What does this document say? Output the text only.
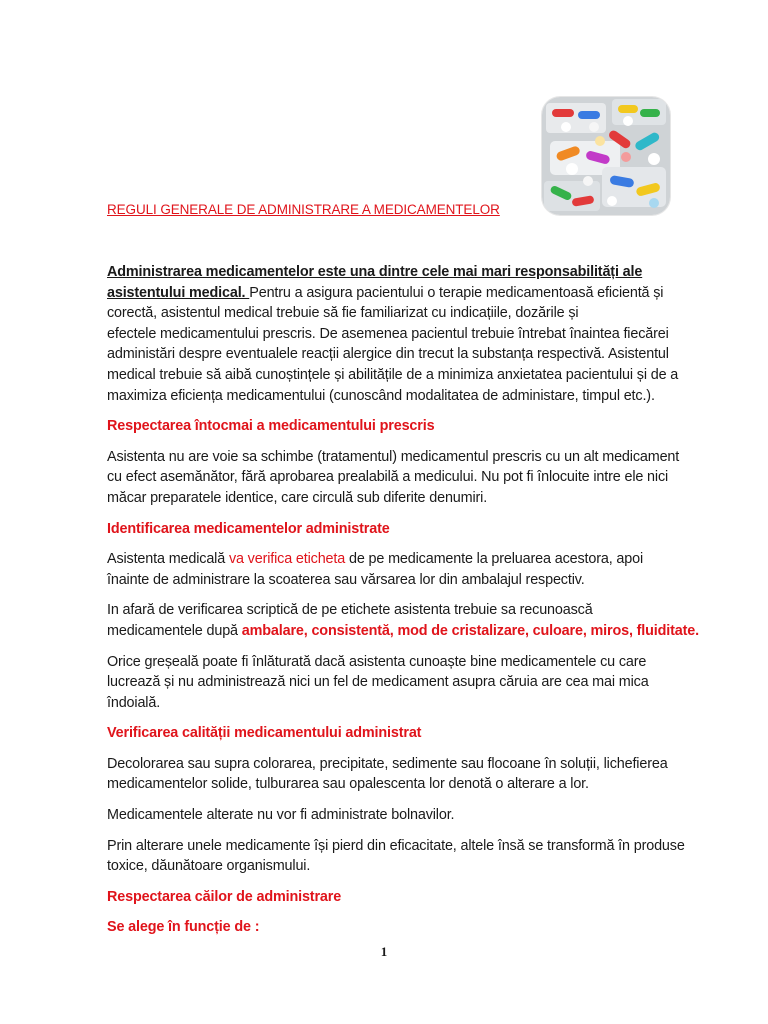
REGULI GENERALE DE ADMINISTRARE A MEDICAMENTELOR

Administrarea medicamentelor este una dintre cele mai mari responsabilități ale
asistentului medical. Pentru a asigura pacientului o terapie medicamentoasă eficientă și
corectă, asistentul medical trebuie să fie familiarizat cu indicațiile, dozările și
efectele medicamentului prescris. De asemenea pacientul trebuie întrebat înaintea fiecărei
administări despre eventualele reacții alergice din trecut la substanța respectivă. Asistentul
medical trebuie să aibă cunoștințele și abilitățile de a minimiza anxietatea pacientului și de a
maximiza eficiența medicamentului (cunoscând modalitatea de administare, timpul etc.).

Respectarea întocmai a medicamentului prescris

Asistenta nu are voie sa schimbe (tratamentul) medicamentul prescris cu un alt medicament
cu efect asemănător, fără aprobarea prealabilă a medicului. Nu pot fi înlocuite intre ele nici
măcar preparatele identice, care circulă sub diferite denumiri.

Identificarea medicamentelor administrate

Asistenta medicală va verifica eticheta de pe medicamente la preluarea acestora, apoi
înainte de administrare la scoaterea sau vărsarea lor din ambalajul respectiv.

In afară de verificarea scriptică de pe etichete asistenta trebuie sa recunoască
medicamentele după ambalare, consistentă, mod de cristalizare, culoare, miros, fluiditate.

Orice greșeală poate fi înlăturată dacă asistenta cunoaște bine medicamentele cu care
lucrează și nu administrează nici un fel de medicament asupra căruia are cea mai mica
îndoială.

Verificarea calității medicamentului administrat

Decolorarea sau supra colorarea, precipitate, sedimente sau flocoane în soluții, lichefierea
medicamentelor solide, tulburarea sau opalescenta lor denotă o alterare a lor.

Medicamentele alterate nu vor fi administrate bolnavilor.

Prin alterare unele medicamente își pierd din eficacitate, altele însă se transformă în produse
toxice, dăunătoare organismului.

Respectarea căilor de administrare

Se alege în funcție de :

1
